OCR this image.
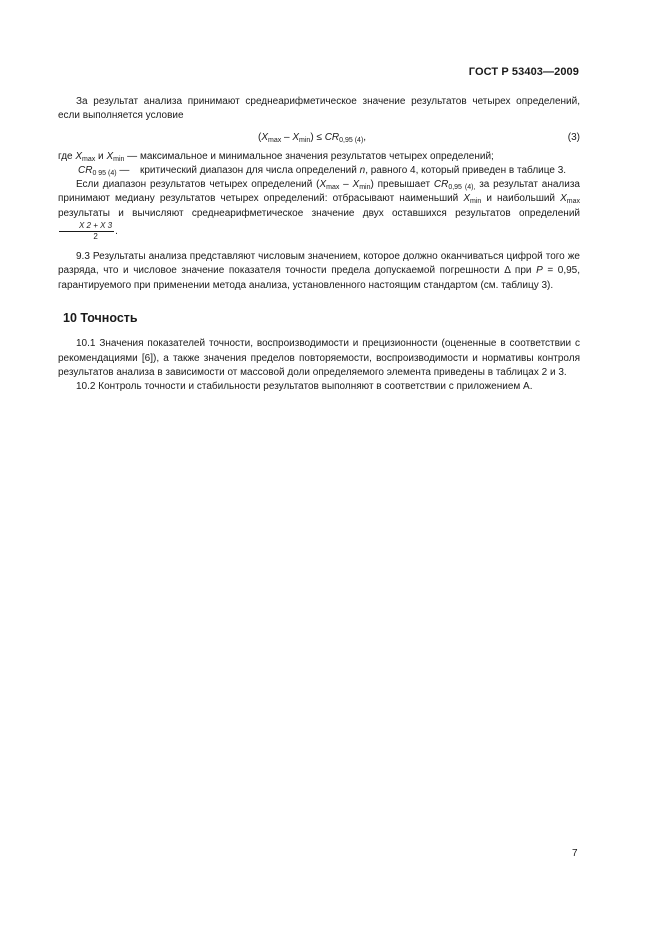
ГОСТ Р 53403—2009

За результат анализа принимают среднеарифметическое значение результатов четырех определений, если выполняется условие

$(X_{max} - X_{min}) \le CR_{0,95 (4)}$,	(3)
где $X_{max}$ и $X_{min}$ — максимальное и минимальное значения результатов четырех определений;
$CR_{0 95 (4)}$ — критический диапазон для числа определений n, равного 4, который приведен в таблице 3.

Если диапазон результатов четырех определений $(X_{max} - X_{min})$ превышает $CR_{0,95 (4),}$ за результат анализа принимают медиану результатов четырех определений: отбрасывают наименьший $X_{min}$ и наибольший $X_{max}$ результаты и вычисляют среднеарифметическое значение двух оставшихся результатов определений
$\frac{X 2 + X 3}{2}$ .

9.3 Результаты анализа представляют числовым значением, которое должно оканчиваться цифрой того же разряда, что и числовое значение показателя точности предела допускаемой погрешности Δ при P = 0,95, гарантируемого при применении метода анализа, установленного настоящим стандартом (см. таблицу 3).

10 Точность

10.1 Значения показателей точности, воспроизводимости и прецизионности (оцененные в соответствии с рекомендациями [6]), а также значения пределов повторяемости, воспроизводимости и нормативы контроля результатов анализа в зависимости от массовой доли определяемого элемента приведены в таблицах 2 и 3.

10.2 Контроль точности и стабильности результатов выполняют в соответствии с приложением А.

7
